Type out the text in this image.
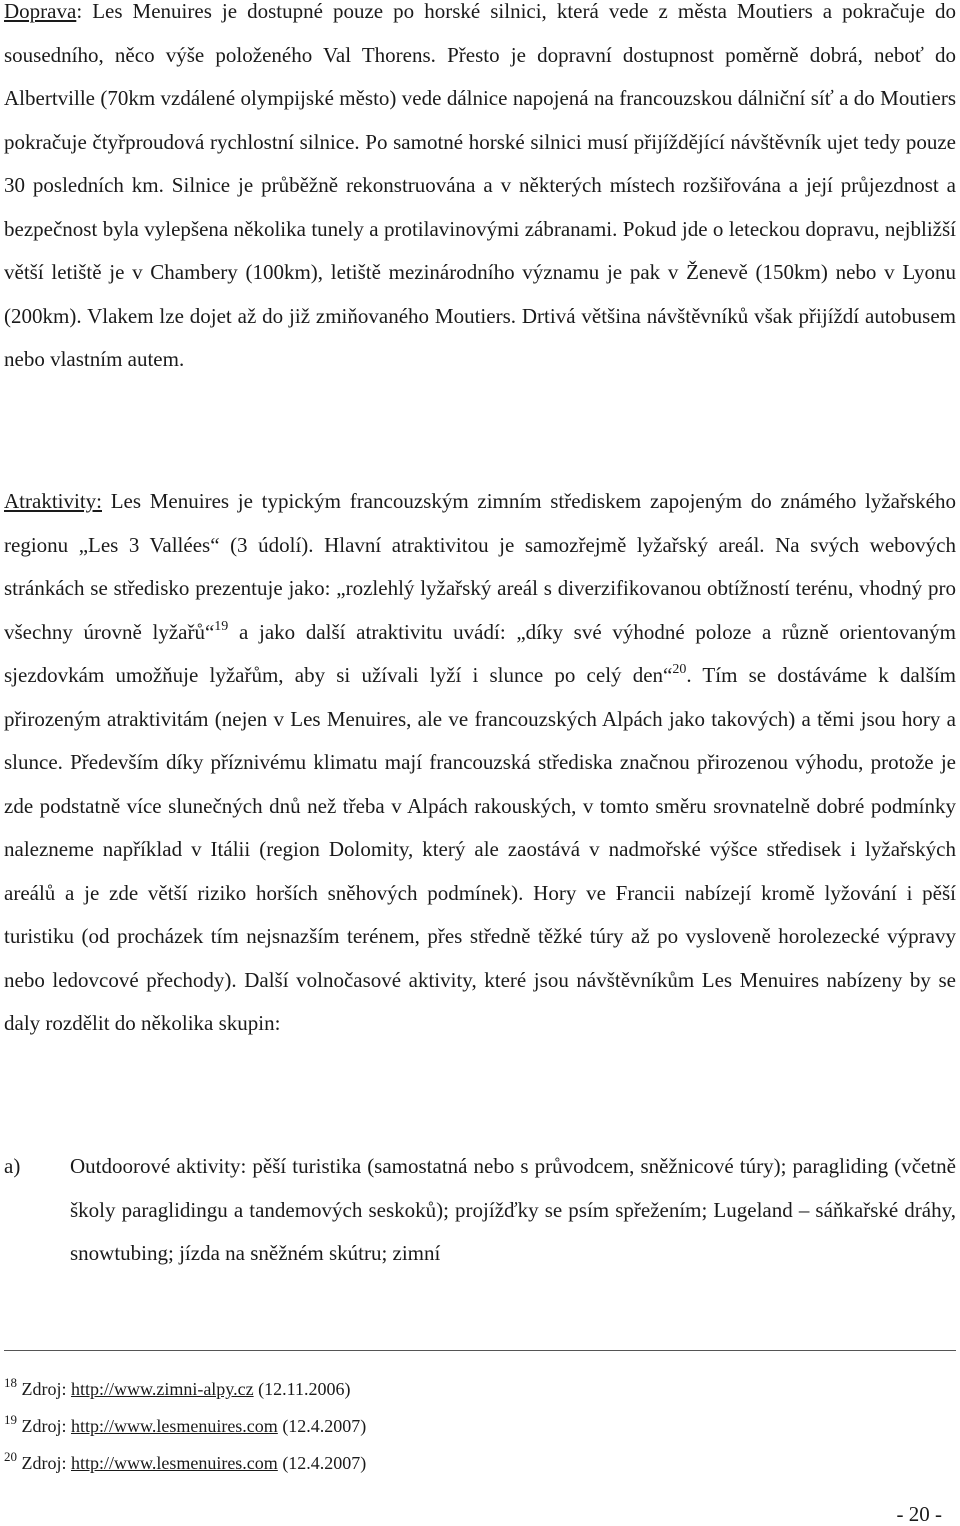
Doprava: Les Menuires je dostupné pouze po horské silnici, která vede z města Moutiers a pokračuje do sousedního, něco výše položeného Val Thorens. Přesto je dopravní dostupnost poměrně dobrá, neboť do Albertville (70km vzdálené olympijské město) vede dálnice napojená na francouzskou dálniční síť a do Moutiers pokračuje čtyřproudová rychlostní silnice. Po samotné horské silnici musí přijíždějící návštěvník ujet tedy pouze 30 posledních km. Silnice je průběžně rekonstruována a v některých místech rozšiřována a její průjezdnost a bezpečnost byla vylepšena několika tunely a protilavinovými zábranami. Pokud jde o leteckou dopravu, nejbližší větší letiště je v Chambery (100km), letiště mezinárodního významu je pak v Ženevě (150km) nebo v Lyonu (200km). Vlakem lze dojet až do již zmiňovaného Moutiers. Drtivá většina návštěvníků však přijíždí autobusem nebo vlastním autem.

Atraktivity: Les Menuires je typickým francouzským zimním střediskem zapojeným do známého lyžařského regionu „Les 3 Vallées“ (3 údolí). Hlavní atraktivitou je samozřejmě lyžařský areál. Na svých webových stránkách se středisko prezentuje jako: „rozlehlý lyžařský areál s diverzifikovanou obtížností terénu, vhodný pro všechny úrovně lyžařů“$^{19}$ a jako další atraktivitu uvádí: „díky své výhodné poloze a různě orientovaným sjezdovkám umožňuje lyžařům, aby si užívali lyží i slunce po celý den“$^{20}$. Tím se dostáváme k dalším přirozeným atraktivitám (nejen v Les Menuires, ale ve francouzských Alpách jako takových) a těmi jsou hory a slunce. Především díky příznivému klimatu mají francouzská střediska značnou přirozenou výhodu, protože je zde podstatně více slunečných dnů než třeba v Alpách rakouských, v tomto směru srovnatelně dobré podmínky nalezneme například v Itálii (region Dolomity, který ale zaostává v nadmořské výšce středisek i lyžařských areálů a je zde větší riziko horších sněhových podmínek). Hory ve Francii nabízejí kromě lyžování i pěší turistiku (od procházek tím nejsnazším terénem, přes středně těžké túry až po vysloveně horolezecké výpravy nebo ledovcové přechody). Další volnočasové aktivity, které jsou návštěvníkům Les Menuires nabízeny by se daly rozdělit do několika skupin:

a) Outdoorové aktivity: pěší turistika (samostatná nebo s průvodcem, sněžnicové túry); paragliding (včetně školy paraglidingu a tandemových seskoků); projížďky se psím spřežením; Lugeland – sáňkařské dráhy, snowtubing; jízda na sněžném skútru; zimní

$^{18}$ Zdroj: http://www.zimni-alpy.cz (12.11.2006)
$^{19}$ Zdroj: http://www.lesmenuires.com (12.4.2007)
$^{20}$ Zdroj: http://www.lesmenuires.com (12.4.2007)
- 20 -
